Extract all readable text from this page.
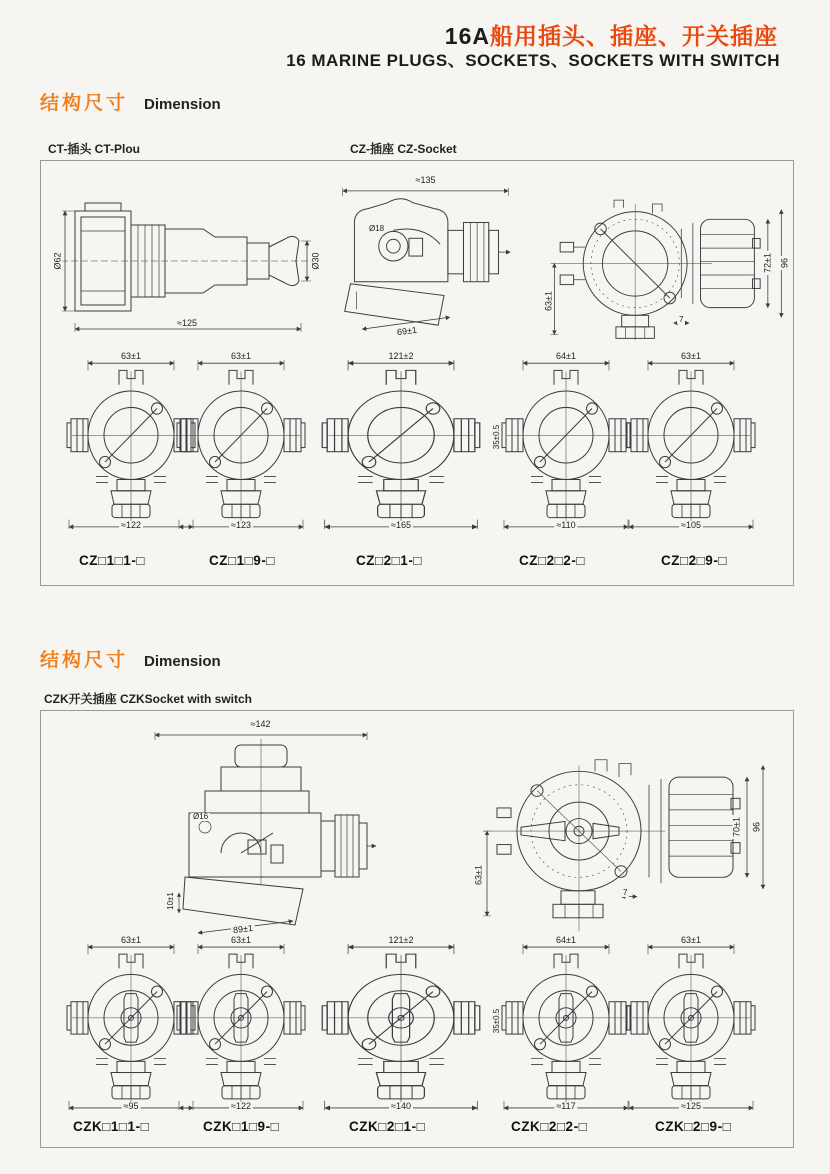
16A船用插头、插座、开关插座
16 MARINE PLUGS、SOCKETS、SOCKETS WITH SWITCH
结构尺寸 Dimension
CT-插头 CT-Plou	CZ-插座 CZ-Socket
Ø62	Ø30
≈125
≈135
Ø18
69±1
63±1
72±1 96
7
63±1
≈122
63±1
≈123
121±2
≈165
35±0.5
64±1
≈110
63±1
≈105
CZ□1□1-□	CZ□1□9-□	CZ□2□1-□	CZ□2□2-□	CZ□2□9-□
结构尺寸 Dimension
CZK开关插座 CZKSocket with switch
≈142
Ø16
10±1
89±1
63±1
70±1 96
7
63±1
≈95
63±1
≈122
121±2
≈140
35±0.5
64±1
≈117
63±1
≈125
CZK□1□1-□	CZK□1□9-□	CZK□2□1-□	CZK□2□2-□	CZK□2□9-□
